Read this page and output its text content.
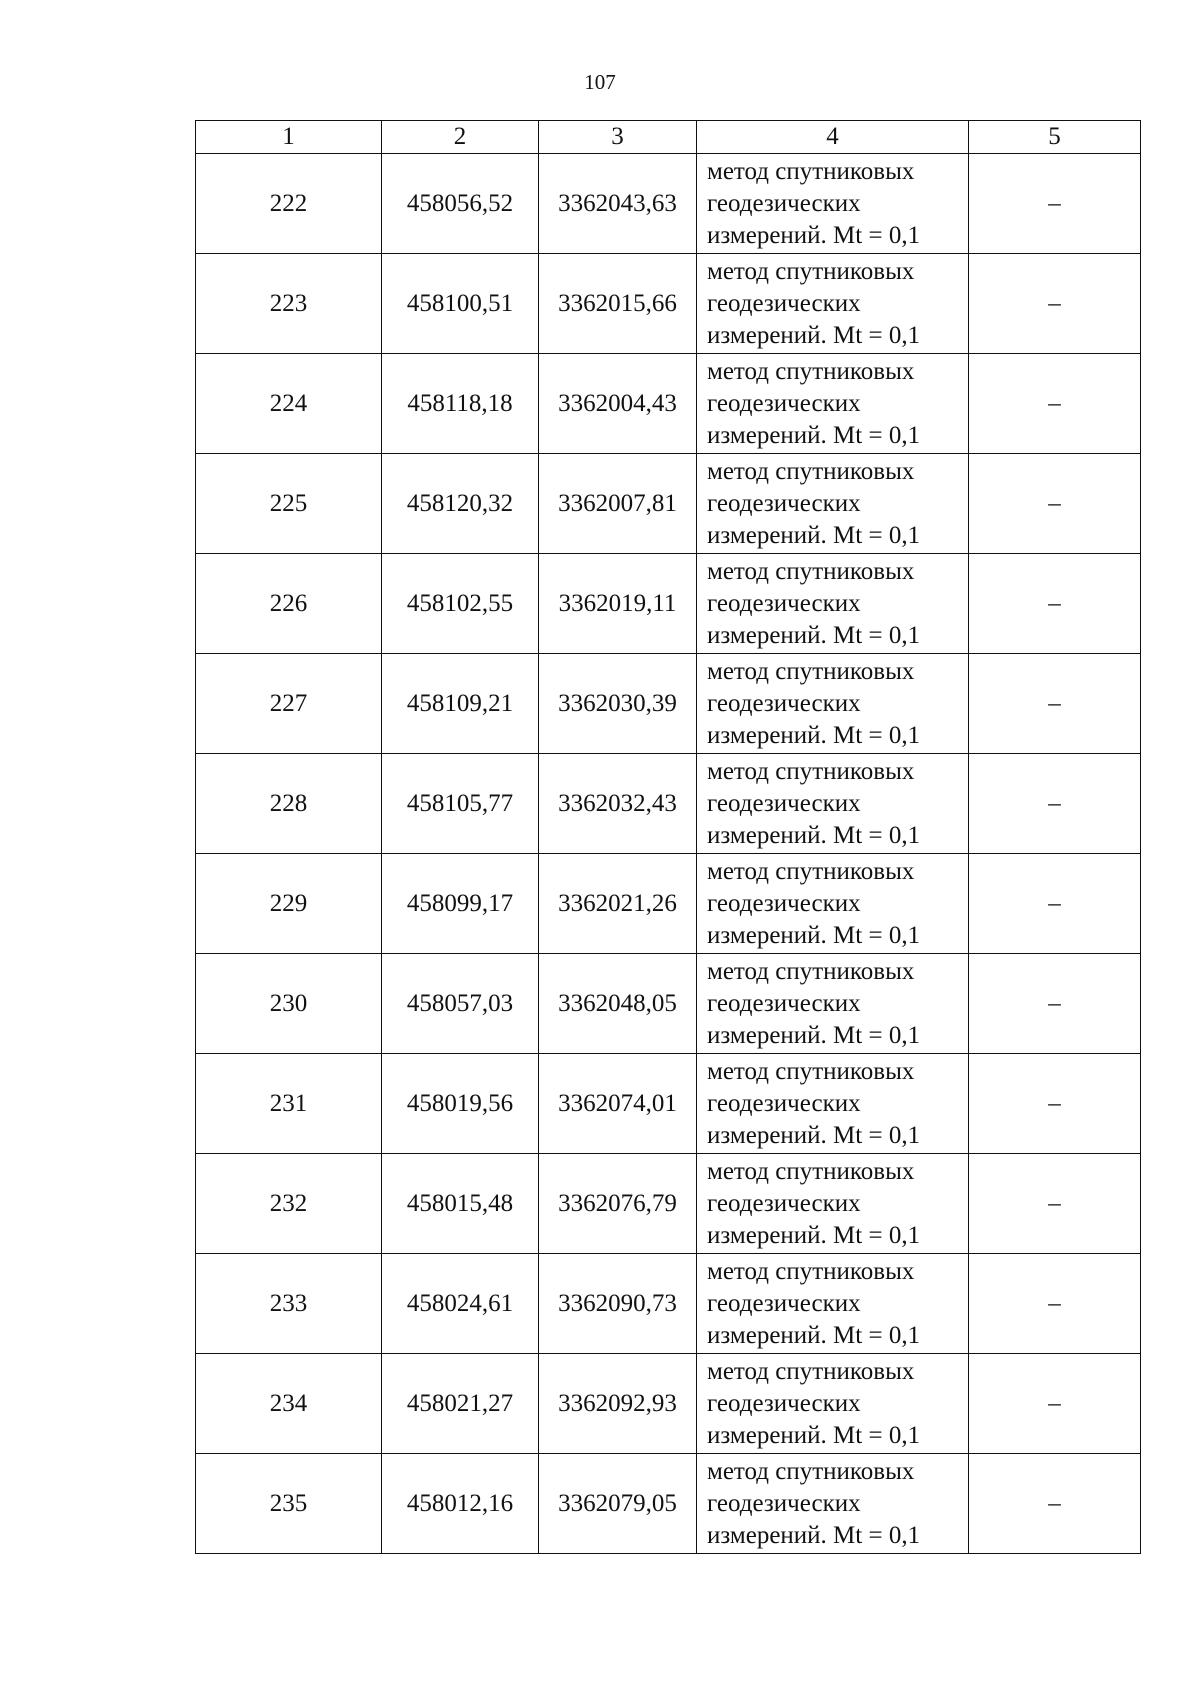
107
1	2	3	4	5
222	458056,52	3362043,63	метод спутниковых
геодезических
измерений. Mt = 0,1	–
223	458100,51	3362015,66	метод спутниковых
геодезических
измерений. Mt = 0,1	–
224	458118,18	3362004,43	метод спутниковых
геодезических
измерений. Mt = 0,1	–
225	458120,32	3362007,81	метод спутниковых
геодезических
измерений. Mt = 0,1	–
226	458102,55	3362019,11	метод спутниковых
геодезических
измерений. Mt = 0,1	–
227	458109,21	3362030,39	метод спутниковых
геодезических
измерений. Mt = 0,1	–
228	458105,77	3362032,43	метод спутниковых
геодезических
измерений. Mt = 0,1	–
229	458099,17	3362021,26	метод спутниковых
геодезических
измерений. Mt = 0,1	–
230	458057,03	3362048,05	метод спутниковых
геодезических
измерений. Mt = 0,1	–
231	458019,56	3362074,01	метод спутниковых
геодезических
измерений. Mt = 0,1	–
232	458015,48	3362076,79	метод спутниковых
геодезических
измерений. Mt = 0,1	–
233	458024,61	3362090,73	метод спутниковых
геодезических
измерений. Mt = 0,1	–
234	458021,27	3362092,93	метод спутниковых
геодезических
измерений. Mt = 0,1	–
235	458012,16	3362079,05	метод спутниковых
геодезических
измерений. Mt = 0,1	–
